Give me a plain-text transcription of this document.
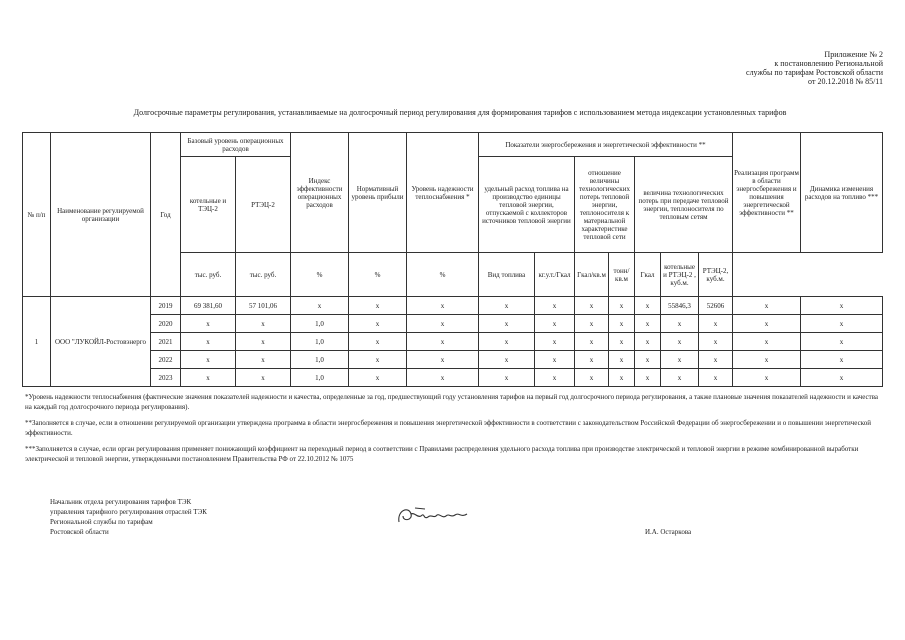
Приложение № 2
к постановлению Региональной
службы по тарифам Ростовской области
от 20.12.2018 № 85/11
Долгосрочные параметры регулирования, устанавливаемые на долгосрочный период регулирования для формирования тарифов с использованием метода индексации установленных тарифов
№ п/п	Наименование регулируемой организации	Год	Базовый уровень операционных расходов		Индекс эффективности операционных расходов	Нормативный уровень прибыли	Уровень надежности теплоснабжения *	Показатели энергосбережения и энергетической эффективности **							Реализация программ в области энергосбережения и повышения энергетической эффективности **	Динамика изменения расходов на топливо ***
			котельные и ТЭЦ-2	РТЭЦ-2				удельный расход топлива на производство единицы тепловой энергии, отпускаемой с коллекторов источников тепловой энергии		отношение величины технологических потерь тепловой энергии, теплоносителя к материальной характеристике тепловой сети		величина технологических потерь при передаче тепловой энергии, теплоносителя по тепловым сетям				
			тыс. руб.	тыс. руб.	%	%	%	Вид топлива	кг.у.т./Гкал	Гкал/кв.м	тонн/кв.м	Гкал	котельные и РТЭЦ-2 , куб.м.	РТЭЦ-2, куб.м.		
1	ООО "ЛУКОЙЛ-Ростовэнерго	2019	69 381,60	57 101,06	x	x	x	x	x	x	x	x	55846,3	52606	x	x
		2020	x	x	1,0	x	x	x	x	x	x	x	x	x	x	x
		2021	x	x	1,0	x	x	x	x	x	x	x	x	x	x	x
		2022	x	x	1,0	x	x	x	x	x	x	x	x	x	x	x
		2023	x	x	1,0	x	x	x	x	x	x	x	x	x	x	x

*Уровень надежности теплоснабжения (фактические значения показателей надежности и качества, определенные за год, предшествующий году установления тарифов на первый год долгосрочного периода регулирования, а также плановые значения показателей надежности и качества на каждый год долгосрочного периода регулирования).

**Заполняется в случае, если в отношении регулируемой организации утверждена программа в области энергосбережения и повышения энергетической эффективности в соответствии с законодательством Российской Федерации об энергосбережении и о повышении энергетической эффективности.

***Заполняется в случае, если орган регулирования применяет понижающий коэффициент на переходный период в соответствии с Правилами распределения удельного расхода топлива при производстве электрической и тепловой энергии в режиме комбинированной выработки электрической и тепловой энергии, утвержденными постановлением Правительства РФ от 22.10.2012 № 1075

Начальник отдела регулирования тарифов ТЭК
управления тарифного регулирования отраслей ТЭК
Региональной службы по тарифам
Ростовской области	И.А. Остаркова
